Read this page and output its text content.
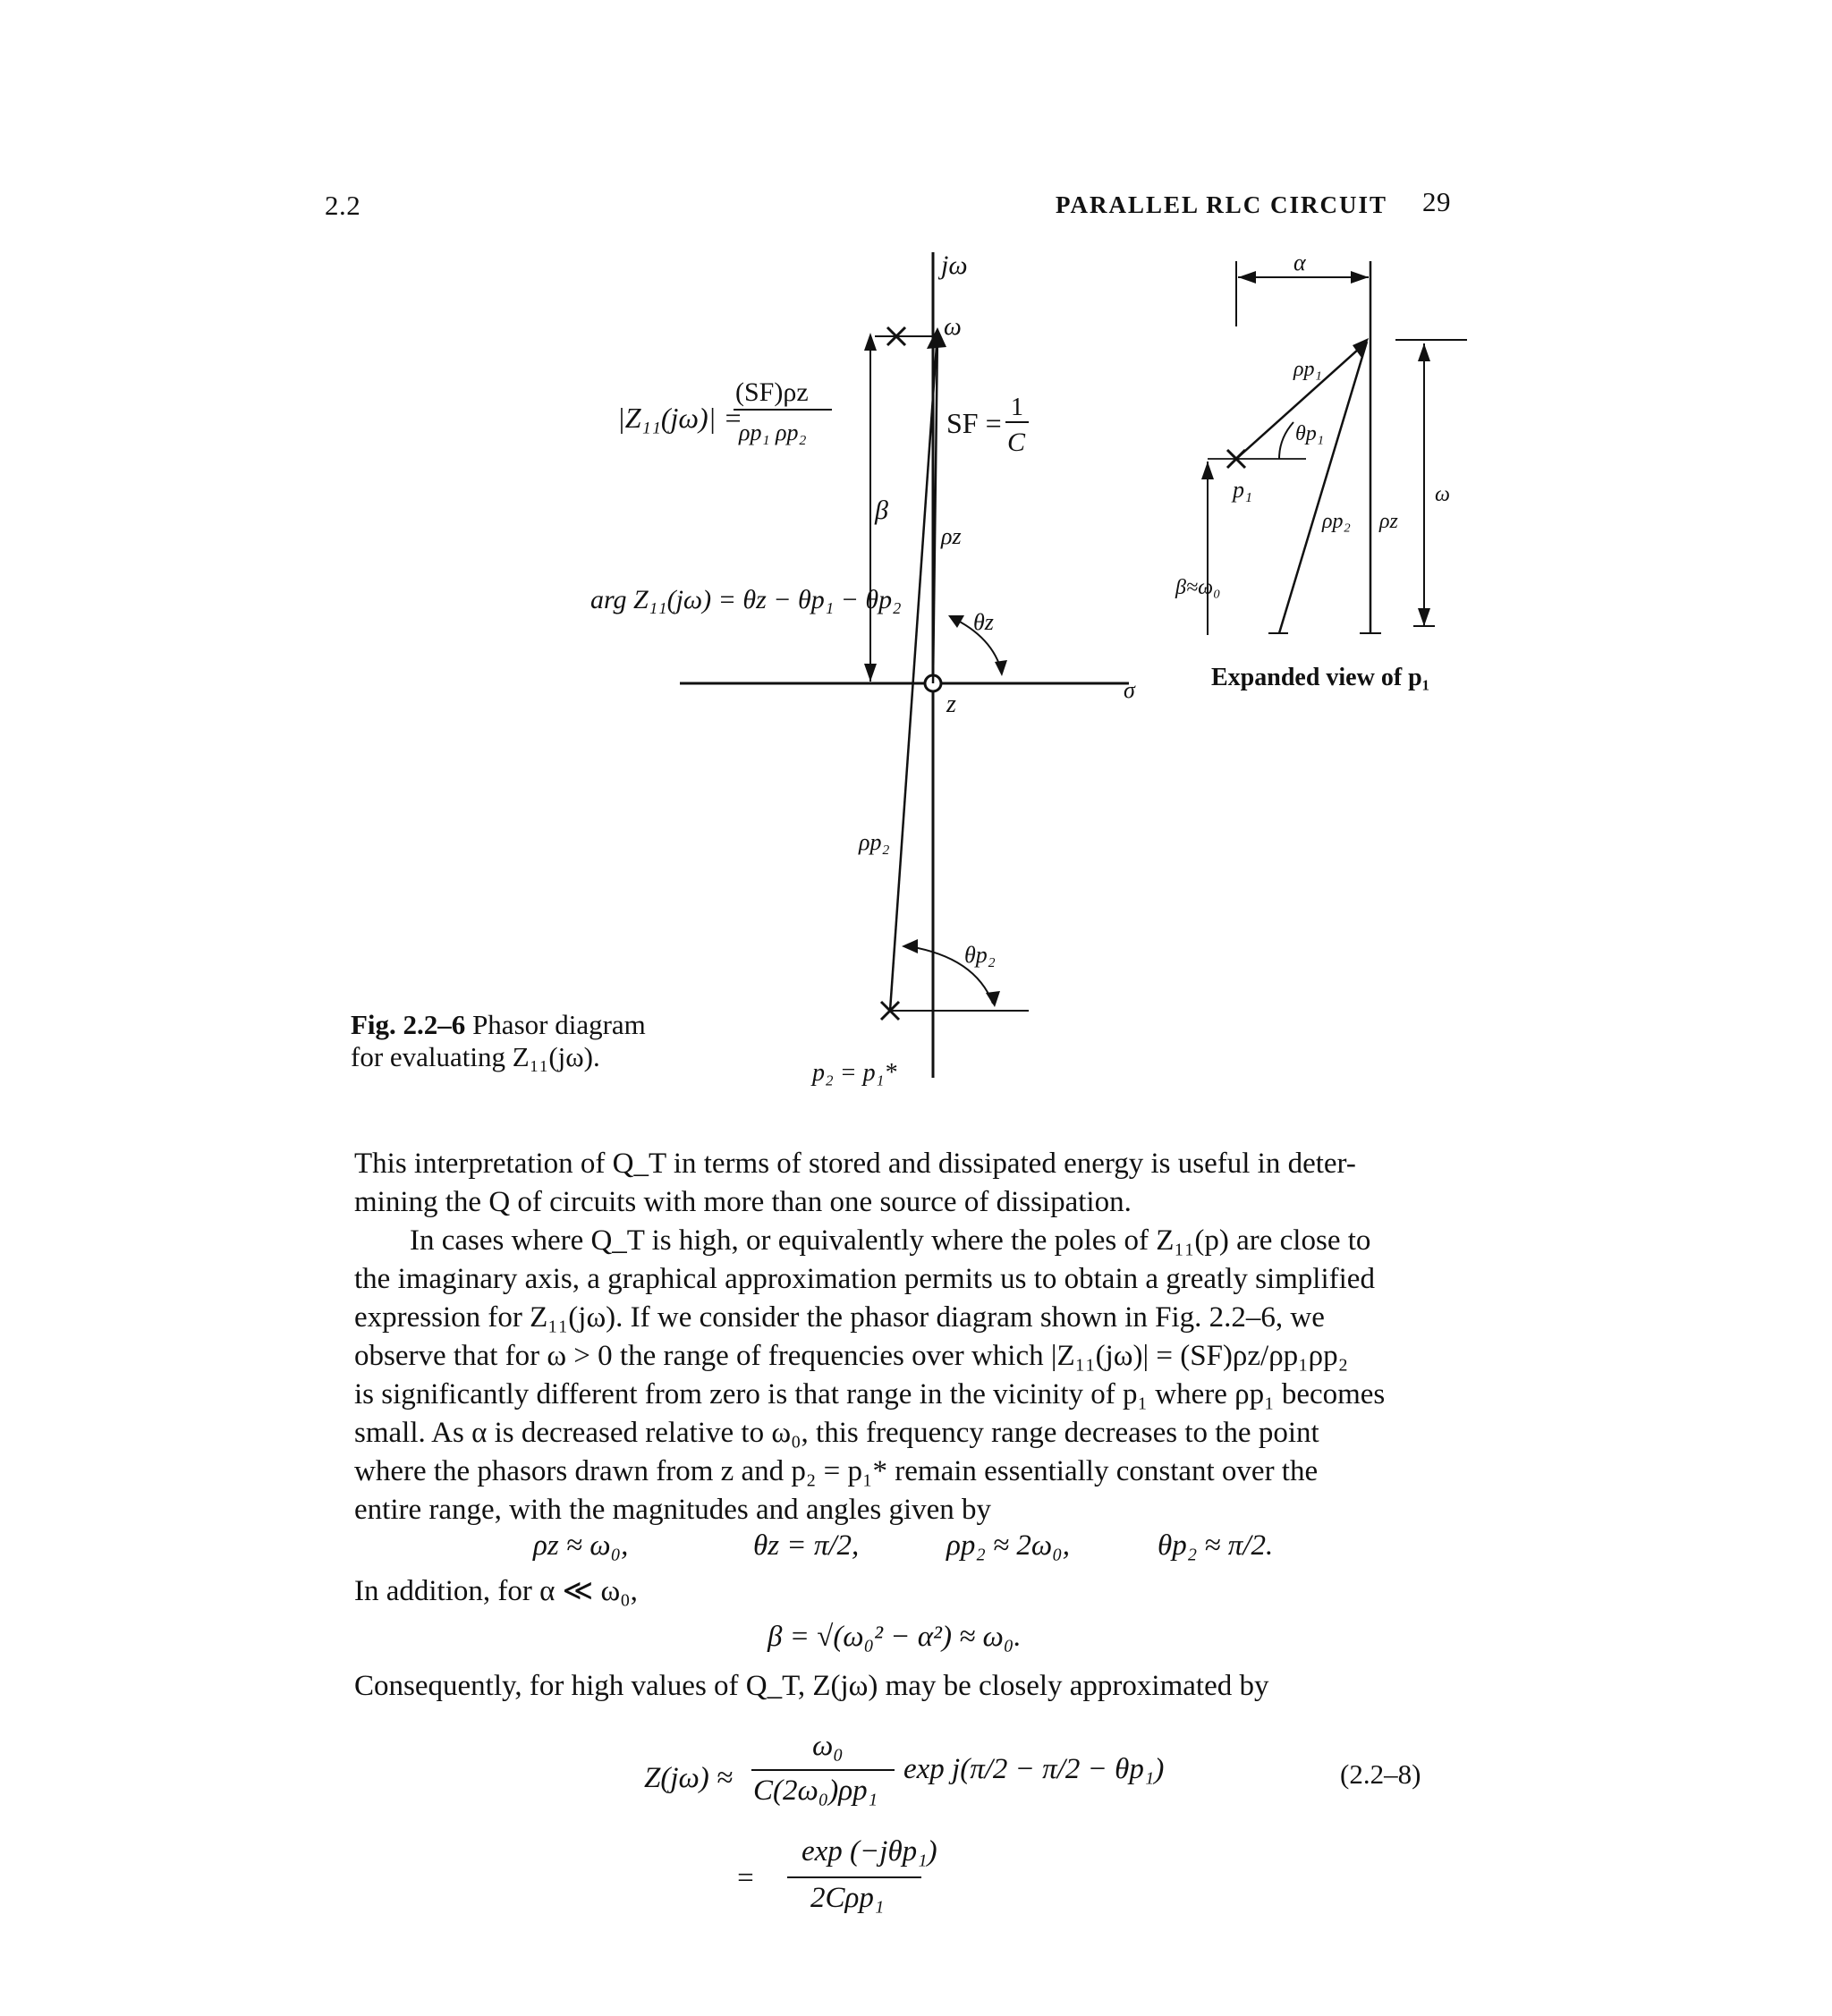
2.2	PARALLEL RLC CIRCUIT 29
jω
ω
σ
z
β
ρz
ρp₂
θz
θp₂
p₂ = p₁*
|Z₁₁(jω)| =
(SF)ρz
ρp₁ ρp₂
arg Z₁₁(jω) = θz − θp₁ − θp₂
SF = 1
C
α
ρp₁
θp₁
p₁
ρp₂ ρz
ω
β≈ω₀
Expanded view of p₁
Fig. 2.2–6 Phasor diagram
for evaluating Z₁₁(jω).
This interpretation of Q_T in terms of stored and dissipated energy is useful in deter-
mining the Q of circuits with more than one source of dissipation.
In cases where Q_T is high, or equivalently where the poles of Z₁₁(p) are close to
the imaginary axis, a graphical approximation permits us to obtain a greatly simplified
expression for Z₁₁(jω). If we consider the phasor diagram shown in Fig. 2.2–6, we
observe that for ω > 0 the range of frequencies over which |Z₁₁(jω)| = (SF)ρz/ρp₁ρp₂
is significantly different from zero is that range in the vicinity of p₁ where ρp₁ becomes
small. As α is decreased relative to ω₀, this frequency range decreases to the point
where the phasors drawn from z and p₂ = p₁* remain essentially constant over the
entire range, with the magnitudes and angles given by
ρz ≈ ω₀,	θz = π/2,	ρp₂ ≈ 2ω₀,	θp₂ ≈ π/2.
In addition, for α ≪ ω₀,
β = √(ω₀² − α²) ≈ ω₀.
Consequently, for high values of Q_T, Z(jω) may be closely approximated by
Z(jω) ≈
ω₀
C(2ω₀)ρp₁
exp j(π/2 − π/2 − θp₁)	(2.2–8)
=
exp (−jθp₁)
2Cρp₁
